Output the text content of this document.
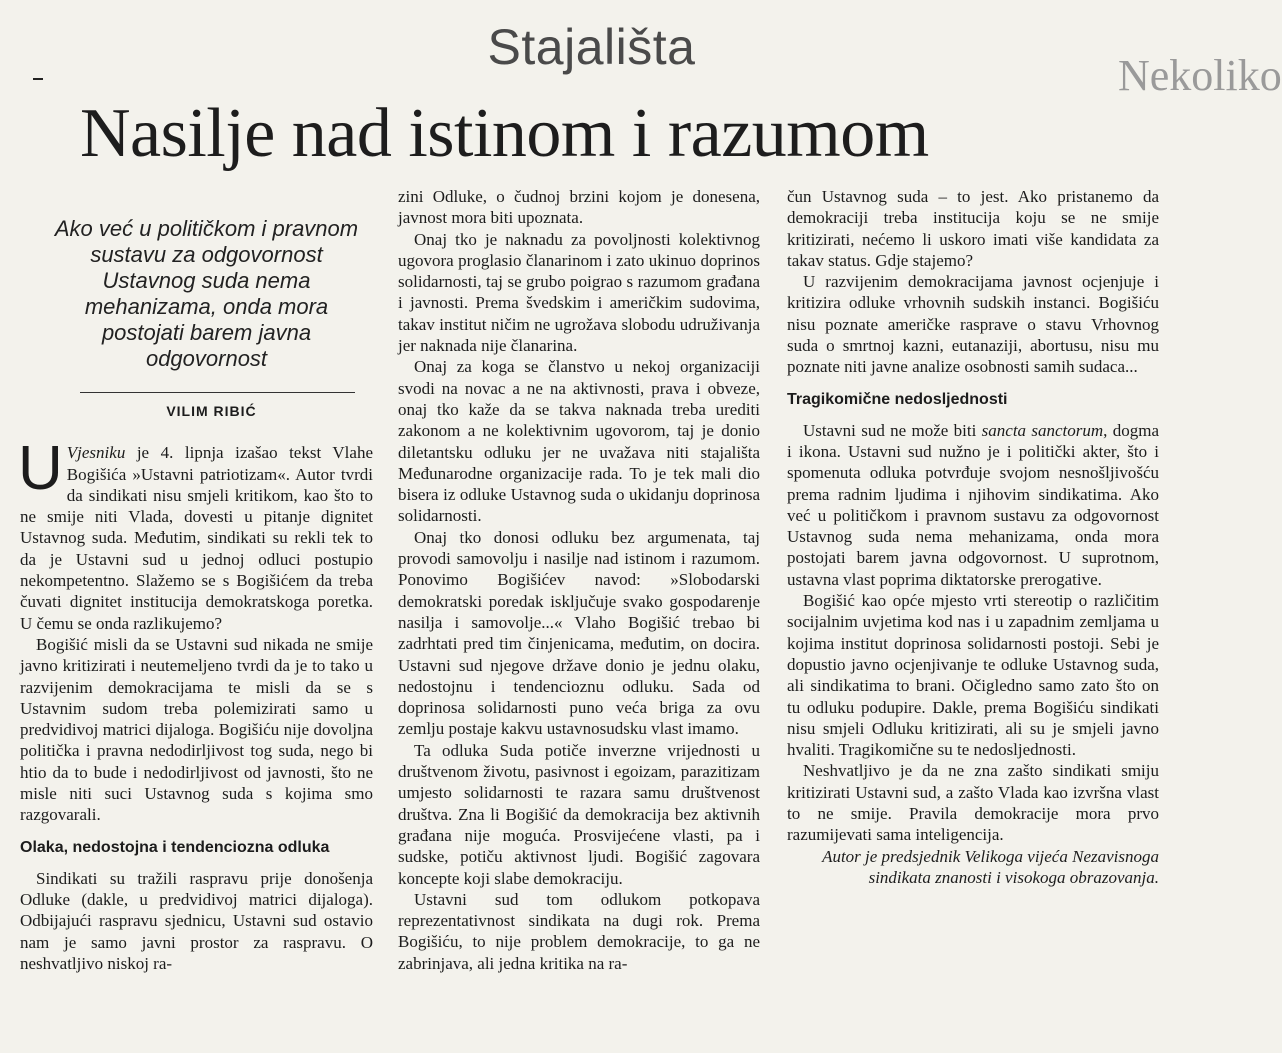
Stajališta
Nasilje nad istinom i razumom
Nekoliko
Ako već u političkom i pravnom sustavu za odgovornost Ustavnog suda nema mehanizama, onda mora postojati barem javna odgovornost
VILIM RIBIĆ

U Vjesniku je 4. lipnja izašao tekst Vlahe Bogišića »Ustavni patriotizam«. Autor tvrdi da sindikati nisu smjeli kritikom, kao što to ne smije niti Vlada, dovesti u pitanje dignitet Ustavnog suda. Međutim, sindikati su rekli tek to da je Ustavni sud u jednoj odluci postupio nekompetentno. Slažemo se s Bogišićem da treba čuvati dignitet institucija demokratskoga poretka. U čemu se onda razlikujemo?

Bogišić misli da se Ustavni sud nikada ne smije javno kritizirati i neutemeljeno tvrdi da je to tako u razvijenim demokracijama te misli da se s Ustavnim sudom treba polemizirati samo u predvidivoj matrici dijaloga. Bogišiću nije dovoljna politička i pravna nedodirljivost tog suda, nego bi htio da to bude i nedodirljivost od javnosti, što ne misle niti suci Ustavnog suda s kojima smo razgovarali.

Olaka, nedostojna i tendenciozna odluka

Sindikati su tražili raspravu prije donošenja Odluke (dakle, u predvidivoj matrici dijaloga). Odbijajući raspravu sjednicu, Ustavni sud ostavio nam je samo javni prostor za raspravu. O neshvatljivo niskoj ra-

zini Odluke, o čudnoj brzini kojom je donesena, javnost mora biti upoznata.

Onaj tko je naknadu za povoljnosti kolektivnog ugovora proglasio članarinom i zato ukinuo doprinos solidarnosti, taj se grubo poigrao s razumom građana i javnosti. Prema švedskim i američkim sudovima, takav institut ničim ne ugrožava slobodu udruživanja jer naknada nije članarina.

Onaj za koga se članstvo u nekoj organizaciji svodi na novac a ne na aktivnosti, prava i obveze, onaj tko kaže da se takva naknada treba urediti zakonom a ne kolektivnim ugovorom, taj je donio diletantsku odluku jer ne uvažava niti stajališta Međunarodne organizacije rada. To je tek mali dio bisera iz odluke Ustavnog suda o ukidanju doprinosa solidarnosti.

Onaj tko donosi odluku bez argumenata, taj provodi samovolju i nasilje nad istinom i razumom. Ponovimo Bogišićev navod: »Slobodarski demokratski poredak isključuje svako gospodarenje nasilja i samovolje...« Vlaho Bogišić trebao bi zadrhtati pred tim činjenicama, međutim, on docira. Ustavni sud njegove države donio je jednu olaku, nedostojnu i tendencioznu odluku. Sada od doprinosa solidarnosti puno veća briga za ovu zemlju postaje kakvu ustavnosudsku vlast imamo.

Ta odluka Suda potiče inverzne vrijednosti u društvenom životu, pasivnost i egoizam, parazitizam umjesto solidarnosti te razara samu društvenost društva. Zna li Bogišić da demokracija bez aktivnih građana nije moguća. Prosvijećene vlasti, pa i sudske, potiču aktivnost ljudi. Bogišić zagovara koncepte koji slabe demokraciju.

Ustavni sud tom odlukom potkopava reprezentativnost sindikata na dugi rok. Prema Bogišiću, to nije problem demokracije, to ga ne zabrinjava, ali jedna kritika na ra-

čun Ustavnog suda – to jest. Ako pristanemo da demokraciji treba institucija koju se ne smije kritizirati, nećemo li uskoro imati više kandidata za takav status. Gdje stajemo?

U razvijenim demokracijama javnost ocjenjuje i kritizira odluke vrhovnih sudskih instanci. Bogišiću nisu poznate američke rasprave o stavu Vrhovnog suda o smrtnoj kazni, eutanaziji, abortusu, nisu mu poznate niti javne analize osobnosti samih sudaca...

Tragikomične nedosljednosti

Ustavni sud ne može biti sancta sanctorum, dogma i ikona. Ustavni sud nužno je i politički akter, što i spomenuta odluka potvrđuje svojom nesnošljivošću prema radnim ljudima i njihovim sindikatima. Ako već u političkom i pravnom sustavu za odgovornost Ustavnog suda nema mehanizama, onda mora postojati barem javna odgovornost. U suprotnom, ustavna vlast poprima diktatorske prerogative.

Bogišić kao opće mjesto vrti stereotip o različitim socijalnim uvjetima kod nas i u zapadnim zemljama u kojima institut doprinosa solidarnosti postoji. Sebi je dopustio javno ocjenjivanje te odluke Ustavnog suda, ali sindikatima to brani. Očigledno samo zato što on tu odluku podupire. Dakle, prema Bogišiću sindikati nisu smjeli Odluku kritizirati, ali su je smjeli javno hvaliti. Tragikomične su te nedosljednosti.

Neshvatljivo je da ne zna zašto sindikati smiju kritizirati Ustavni sud, a zašto Vlada kao izvršna vlast to ne smije. Pravila demokracije mora prvo razumijevati sama inteligencija.

Autor je predsjednik Velikoga vijeća Nezavisnoga sindikata znanosti i visokoga obrazovanja.
